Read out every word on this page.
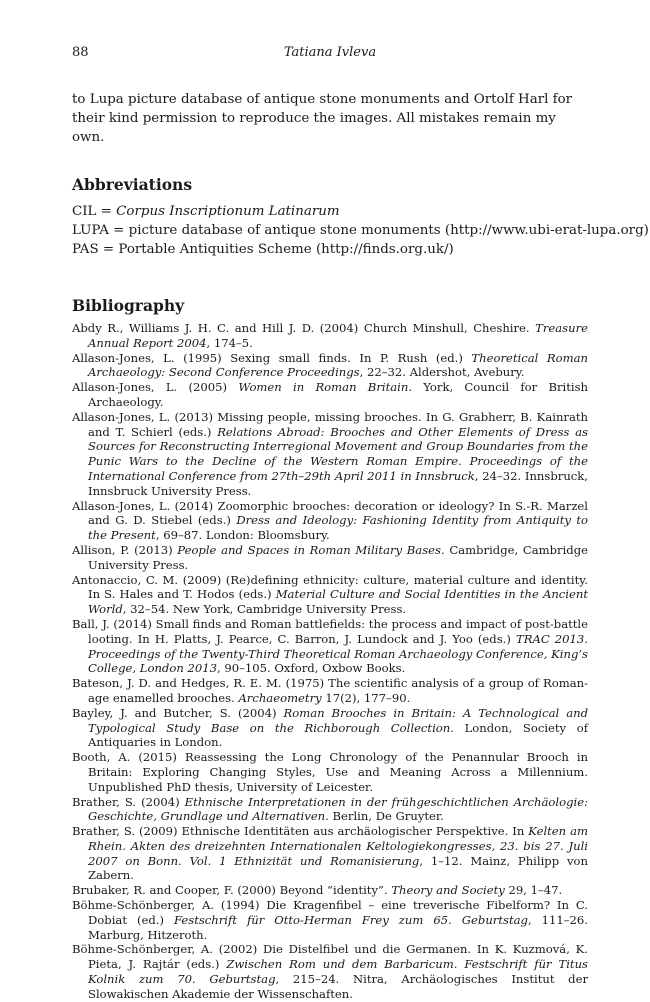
88	Tatiana Ivleva

to Lupa picture database of antique stone monuments and Ortolf Harl for their kind permission to reproduce the images. All mistakes remain my own.

Abbreviations
CIL = Corpus Inscriptionum Latinarum
LUPA = picture database of antique stone monuments (http://www.ubi-erat-lupa.org)
PAS = Portable Antiquities Scheme (http://finds.org.uk/)
Bibliography
Abdy R., Williams J. H. C. and Hill J. D. (2004) Church Minshull, Cheshire. Treasure Annual Report 2004, 174–5.
Allason-Jones, L. (1995) Sexing small finds. In P. Rush (ed.) Theoretical Roman Archaeology: Second Conference Proceedings, 22–32. Aldershot, Avebury.
Allason-Jones, L. (2005) Women in Roman Britain. York, Council for British Archaeology.
Allason-Jones, L. (2013) Missing people, missing brooches. In G. Grabherr, B. Kainrath and T. Schierl (eds.) Relations Abroad: Brooches and Other Elements of Dress as Sources for Reconstructing Interregional Movement and Group Boundaries from the Punic Wars to the Decline of the Western Roman Empire. Proceedings of the International Conference from 27th–29th April 2011 in Innsbruck, 24–32. Innsbruck, Innsbruck University Press.
Allason-Jones, L. (2014) Zoomorphic brooches: decoration or ideology? In S.-R. Marzel and G. D. Stiebel (eds.) Dress and Ideology: Fashioning Identity from Antiquity to the Present, 69–87. London: Bloomsbury.
Allison, P. (2013) People and Spaces in Roman Military Bases. Cambridge, Cambridge University Press.
Antonaccio, C. M. (2009) (Re)defining ethnicity: culture, material culture and identity. In S. Hales and T. Hodos (eds.) Material Culture and Social Identities in the Ancient World, 32–54. New York, Cambridge University Press.
Ball, J. (2014) Small finds and Roman battlefields: the process and impact of post-battle looting. In H. Platts, J. Pearce, C. Barron, J. Lundock and J. Yoo (eds.) TRAC 2013. Proceedings of the Twenty-Third Theoretical Roman Archaeology Conference, King’s College, London 2013, 90–105. Oxford, Oxbow Books.
Bateson, J. D. and Hedges, R. E. M. (1975) The scientific analysis of a group of Roman-age enamelled brooches. Archaeometry 17(2), 177–90.
Bayley, J. and Butcher, S. (2004) Roman Brooches in Britain: A Technological and Typological Study Base on the Richborough Collection. London, Society of Antiquaries in London.
Booth, A. (2015) Reassessing the Long Chronology of the Penannular Brooch in Britain: Exploring Changing Styles, Use and Meaning Across a Millennium. Unpublished PhD thesis, University of Leicester.
Brather, S. (2004) Ethnische Interpretationen in der frühgeschichtlichen Archäologie: Geschichte, Grundlage und Alternativen. Berlin, De Gruyter.
Brather, S. (2009) Ethnische Identitäten aus archäologischer Perspektive. In Kelten am Rhein. Akten des dreizehnten Internationalen Keltologiekongresses, 23. bis 27. Juli 2007 on Bonn. Vol. 1 Ethnizität und Romanisierung, 1–12. Mainz, Philipp von Zabern.
Brubaker, R. and Cooper, F. (2000) Beyond “identity”. Theory and Society 29, 1–47.
Böhme-Schönberger, A. (1994) Die Kragenfibel – eine treverische Fibelform? In C. Dobiat (ed.) Festschrift für Otto-Herman Frey zum 65. Geburtstag, 111–26. Marburg, Hitzeroth.
Böhme-Schönberger, A. (2002) Die Distelfibel und die Germanen. In K. Kuzmová, K. Pieta, J. Rajtár (eds.) Zwischen Rom und dem Barbaricum. Festschrift für Titus Kolnik zum 70. Geburtstag, 215–24. Nitra, Archäologisches Institut der Slowakischen Akademie der Wissenschaften.
